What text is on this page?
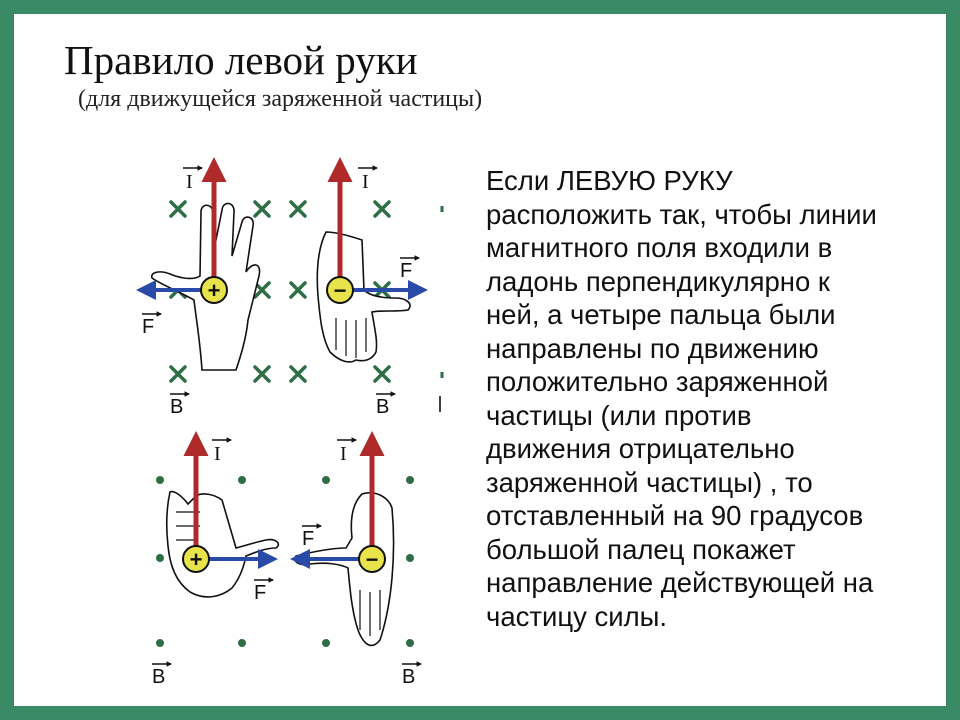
Правило левой руки
(для движущейся заряженной частицы)
Если ЛЕВУЮ РУКУ
расположить так, чтобы линии
магнитного поля входили в
ладонь перпендикулярно к
ней, а четыре пальца были
направлены по движению
положительно заряженной
частицы (или против
движения отрицательно
заряженной частицы) , то
отставленный на 90 градусов
большой палец покажет
направление действующей на
частицу силы.
+
I
F
B
−
I
F
B
+
I
F
B
−
I
F
B
